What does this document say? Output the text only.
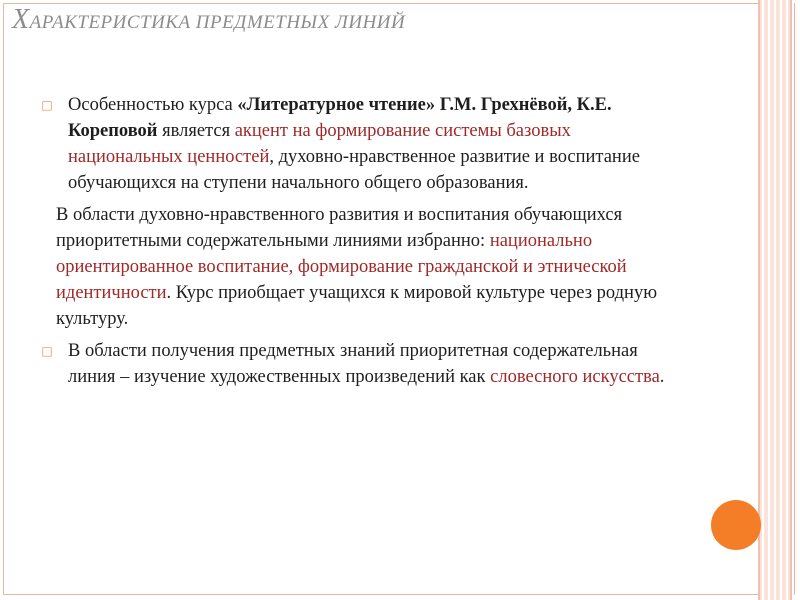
ХАРАКТЕРИСТИКА ПРЕДМЕТНЫХ ЛИНИЙ

□ Особенностью курса «Литературное чтение» Г.М. Грехнёвой, К.Е. Кореповой является акцент на формирование системы базовых национальных ценностей, духовно-нравственное развитие и воспитание обучающихся на ступени начального общего образования.

В области духовно-нравственного развития и воспитания обучающихся приоритетными содержательными линиями избранно: национально ориентированное воспитание, формирование гражданской и этнической идентичности. Курс приобщает учащихся к мировой культуре через родную культуру.

□ В области получения предметных знаний приоритетная содержательная линия – изучение художественных произведений как словесного искусства.
